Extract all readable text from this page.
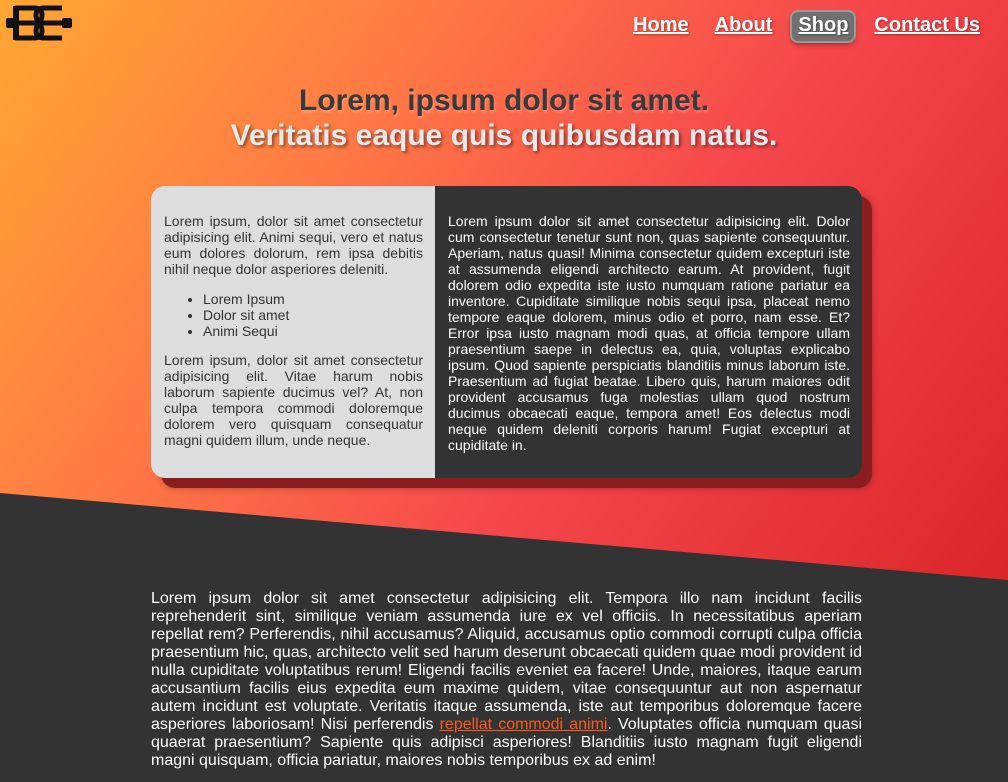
Home	About	Shop	Contact Us
Lorem, ipsum dolor sit amet.
Veritatis eaque quis quibusdam natus.

Lorem ipsum, dolor sit amet consectetur adipisicing elit. Animi sequi, vero et natus eum dolores dolorum, rem ipsa debitis nihil neque dolor asperiores deleniti.

• Lorem Ipsum
• Dolor sit amet
• Animi Sequi

Lorem ipsum, dolor sit amet consectetur adipisicing elit. Vitae harum nobis laborum sapiente ducimus vel? At, non culpa tempora commodi doloremque dolorem vero quisquam consequatur magni quidem illum, unde neque.

Lorem ipsum dolor sit amet consectetur adipisicing elit. Dolor cum consectetur tenetur sunt non, quas sapiente consequuntur. Aperiam, natus quasi! Minima consectetur quidem excepturi iste at assumenda eligendi architecto earum. At provident, fugit dolorem odio expedita iste iusto numquam ratione pariatur ea inventore. Cupiditate similique nobis sequi ipsa, placeat nemo tempore eaque dolorem, minus odio et porro, nam esse. Et? Error ipsa iusto magnam modi quas, at officia tempore ullam praesentium saepe in delectus ea, quia, voluptas explicabo ipsum. Quod sapiente perspiciatis blanditiis minus laborum iste. Praesentium ad fugiat beatae. Libero quis, harum maiores odit provident accusamus fuga molestias ullam quod nostrum ducimus obcaecati eaque, tempora amet! Eos delectus modi neque quidem deleniti corporis harum! Fugiat excepturi at cupiditate in.

Lorem ipsum dolor sit amet consectetur adipisicing elit. Tempora illo nam incidunt facilis reprehenderit sint, similique veniam assumenda iure ex vel officiis. In necessitatibus aperiam repellat rem? Perferendis, nihil accusamus? Aliquid, accusamus optio commodi corrupti culpa officia praesentium hic, quas, architecto velit sed harum deserunt obcaecati quidem quae modi provident id nulla cupiditate voluptatibus rerum! Eligendi facilis eveniet ea facere! Unde, maiores, itaque earum accusantium facilis eius expedita eum maxime quidem, vitae consequuntur aut non aspernatur autem incidunt est voluptate. Veritatis itaque assumenda, iste aut temporibus doloremque facere asperiores laboriosam! Nisi perferendis repellat commodi animi. Voluptates officia numquam quasi quaerat praesentium? Sapiente quis adipisci asperiores! Blanditiis iusto magnam fugit eligendi magni quisquam, officia pariatur, maiores nobis temporibus ex ad enim!
